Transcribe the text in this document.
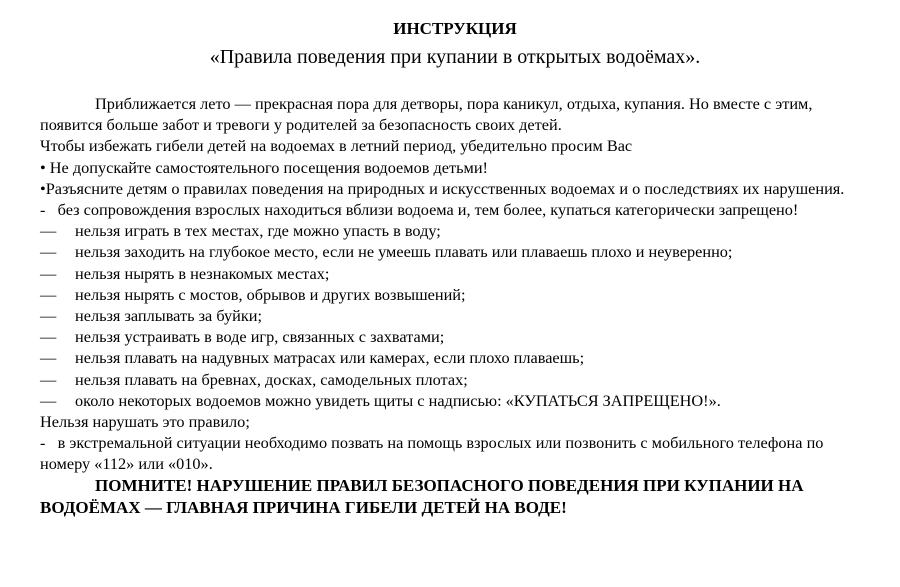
ИНСТРУКЦИЯ
«Правила поведения при купании в открытых водоёмах».

Приближается лето — прекрасная пора для детворы, пора каникул, отдыха, купания. Но вместе с этим, появится больше забот и тревоги у родителей за безопасность своих детей.

Чтобы избежать гибели детей на водоемах в летний период, убедительно просим Вас

• Не допускайте самостоятельного посещения водоемов детьми!

•Разъясните детям о правилах поведения на природных и искусственных водоемах и о последствиях их нарушения.

-   без сопровождения взрослых находиться вблизи водоема и, тем более, купаться категорически запрещено!

—	нельзя играть в тех местах, где можно упасть в воду;
—	нельзя заходить на глубокое место, если не умеешь плавать или плаваешь плохо и неуверенно;
—	нельзя нырять в незнакомых местах;
—	нельзя нырять с мостов, обрывов и других возвышений;
—	нельзя заплывать за буйки;
—	нельзя устраивать в воде игр, связанных с захватами;
—	нельзя плавать на надувных матрасах или камерах, если плохо плаваешь;
—	нельзя плавать на бревнах, досках, самодельных плотах;
—	около некоторых водоемов можно увидеть щиты с надписью: «КУПАТЬСЯ ЗАПРЕЩЕНО!».

Нельзя нарушать это правило;

-   в экстремальной ситуации необходимо позвать на помощь взрослых или позвонить с мобильного телефона по номеру «112» или «010».

ПОМНИТЕ! НАРУШЕНИЕ ПРАВИЛ БЕЗОПАСНОГО ПОВЕДЕНИЯ ПРИ КУПАНИИ НА ВОДОЁМАХ — ГЛАВНАЯ ПРИЧИНА ГИБЕЛИ ДЕТЕЙ НА ВОДЕ!
